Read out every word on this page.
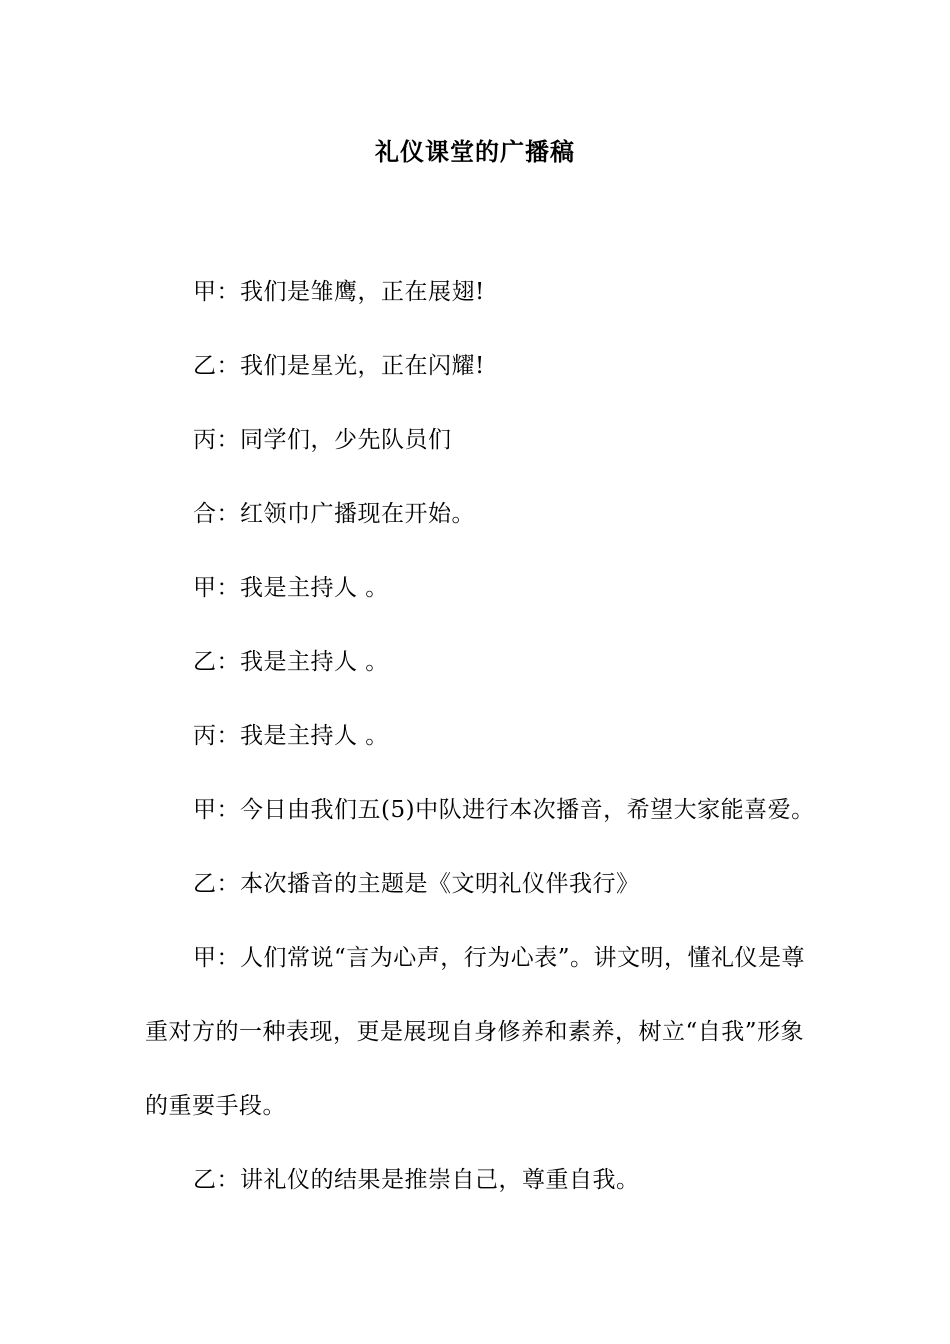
礼仪课堂的广播稿

甲：我们是雏鹰，正在展翅!

乙：我们是星光，正在闪耀!

丙：同学们，少先队员们

合：红领巾广播现在开始。

甲：我是主持人 。

乙：我是主持人 。

丙：我是主持人 。

甲：今日由我们五(5)中队进行本次播音，希望大家能喜爱。

乙：本次播音的主题是《文明礼仪伴我行》

甲：人们常说“言为心声，行为心表”。讲文明，懂礼仪是尊重对方的一种表现，更是展现自身修养和素养，树立“自我”形象的重要手段。

乙：讲礼仪的结果是推崇自己，尊重自我。
